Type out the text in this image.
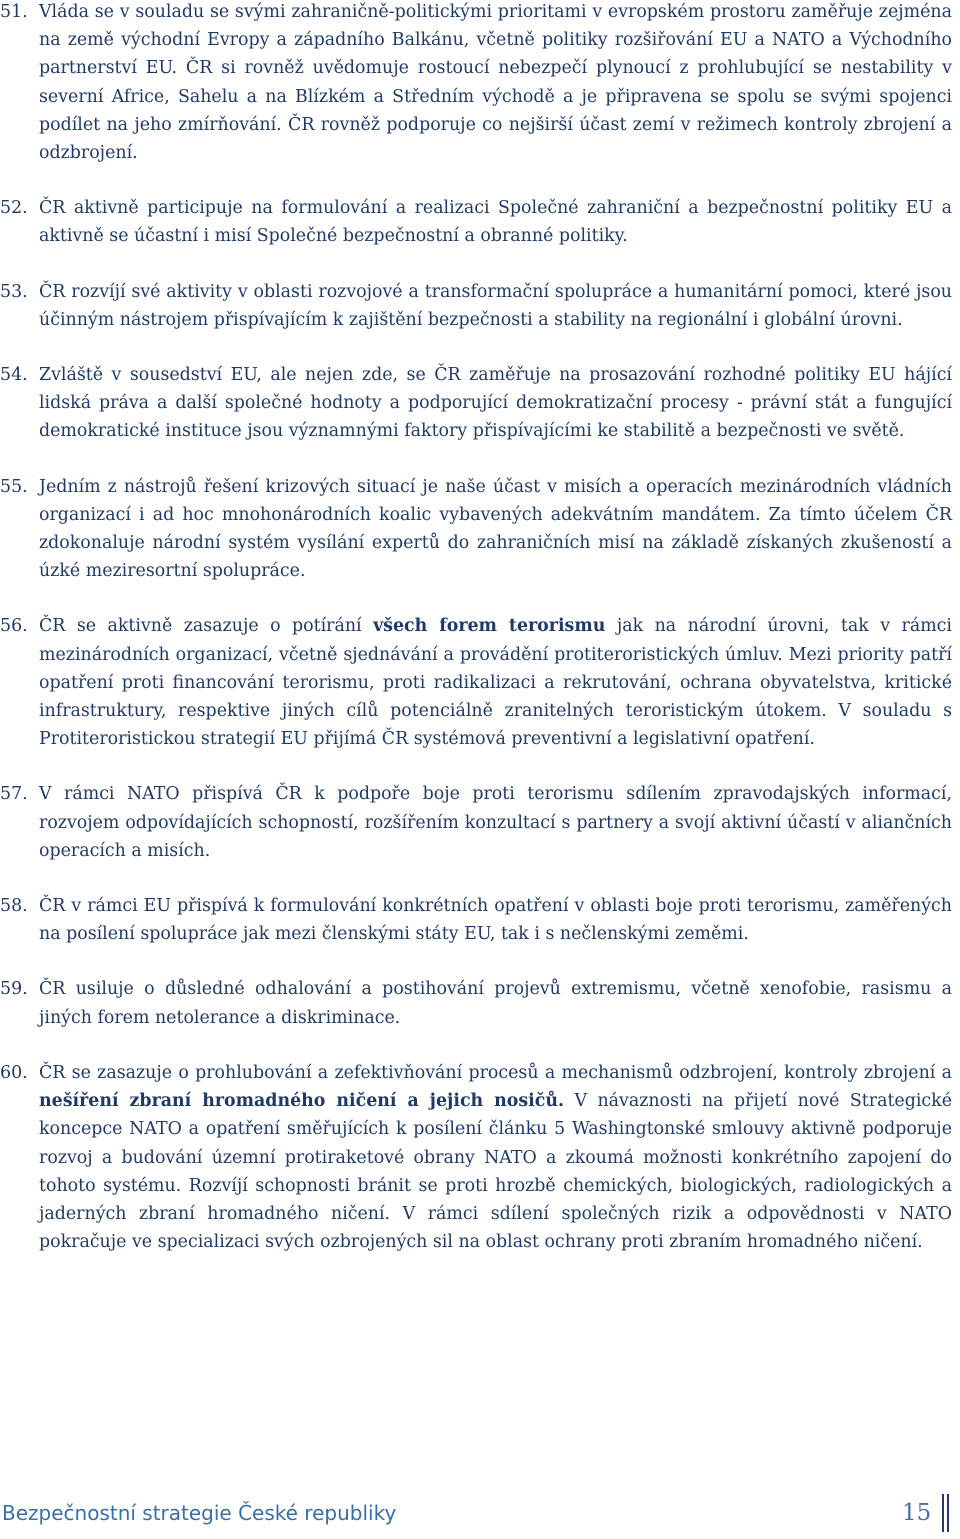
51. Vláda se v souladu se svými zahraničně-politickými prioritami v evropském prostoru zaměřuje zejména na země východní Evropy a západního Balkánu, včetně politiky rozšiřování EU a NATO a Východního partnerství EU. ČR si rovněž uvědomuje rostoucí nebezpečí plynoucí z prohlubující se nestability v severní Africe, Sahelu a na Blízkém a Středním východě a je připravena se spolu se svými spojenci podílet na jeho zmírňování. ČR rovněž podporuje co nejširší účast zemí v režimech kontroly zbrojení a odzbrojení.
52. ČR aktivně participuje na formulování a realizaci Společné zahraniční a bezpečnostní politiky EU a aktivně se účastní i misí Společné bezpečnostní a obranné politiky.
53. ČR rozvíjí své aktivity v oblasti rozvojové a transformační spolupráce a humanitární pomoci, které jsou účinným nástrojem přispívajícím k zajištění bezpečnosti a stability na regionální i globální úrovni.
54. Zvláště v sousedství EU, ale nejen zde, se ČR zaměřuje na prosazování rozhodné politiky EU hájící lidská práva a další společné hodnoty a podporující demokratizační procesy - právní stát a fungující demokratické instituce jsou významnými faktory přispívajícími ke stabilitě a bezpečnosti ve světě.
55. Jedním z nástrojů řešení krizových situací je naše účast v misích a operacích mezinárodních vládních organizací i ad hoc mnohonárodních koalic vybavených adekvátním mandátem. Za tímto účelem ČR zdokonaluje národní systém vysílání expertů do zahraničních misí na základě získaných zkušeností a úzké meziresortní spolupráce.
56. ČR se aktivně zasazuje o potírání všech forem terorismu jak na národní úrovni, tak v rámci mezinárodních organizací, včetně sjednávání a provádění protiteroristických úmluv. Mezi priority patří opatření proti financování terorismu, proti radikalizaci a rekrutování, ochrana obyvatelstva, kritické infrastruktury, respektive jiných cílů potenciálně zranitelných teroristickým útokem. V souladu s Protiteroristickou strategií EU přijímá ČR systémová preventivní a legislativní opatření.
57. V rámci NATO přispívá ČR k podpoře boje proti terorismu sdílením zpravodajských informací, rozvojem odpovídajících schopností, rozšířením konzultací s partnery a svojí aktivní účastí v aliančních operacích a misích.
58. ČR v rámci EU přispívá k formulování konkrétních opatření v oblasti boje proti terorismu, zaměřených na posílení spolupráce jak mezi členskými státy EU, tak i s nečlenskými zeměmi.
59. ČR usiluje o důsledné odhalování a postihování projevů extremismu, včetně xenofobie, rasismu a jiných forem netolerance a diskriminace.
60. ČR se zasazuje o prohlubování a zefektivňování procesů a mechanismů odzbrojení, kontroly zbrojení a nešíření zbraní hromadného ničení a jejich nosičů. V návaznosti na přijetí nové Strategické koncepce NATO a opatření směřujících k posílení článku 5 Washingtonské smlouvy aktivně podporuje rozvoj a budování územní protiraketové obrany NATO a zkoumá možnosti konkrétního zapojení do tohoto systému. Rozvíjí schopnosti bránit se proti hrozbě chemických, biologických, radiologických a jaderných zbraní hromadného ničení. V rámci sdílení společných rizik a odpovědnosti v NATO pokračuje ve specializaci svých ozbrojených sil na oblast ochrany proti zbraním hromadného ničení.
Bezpečnostní strategie České republiky	15
